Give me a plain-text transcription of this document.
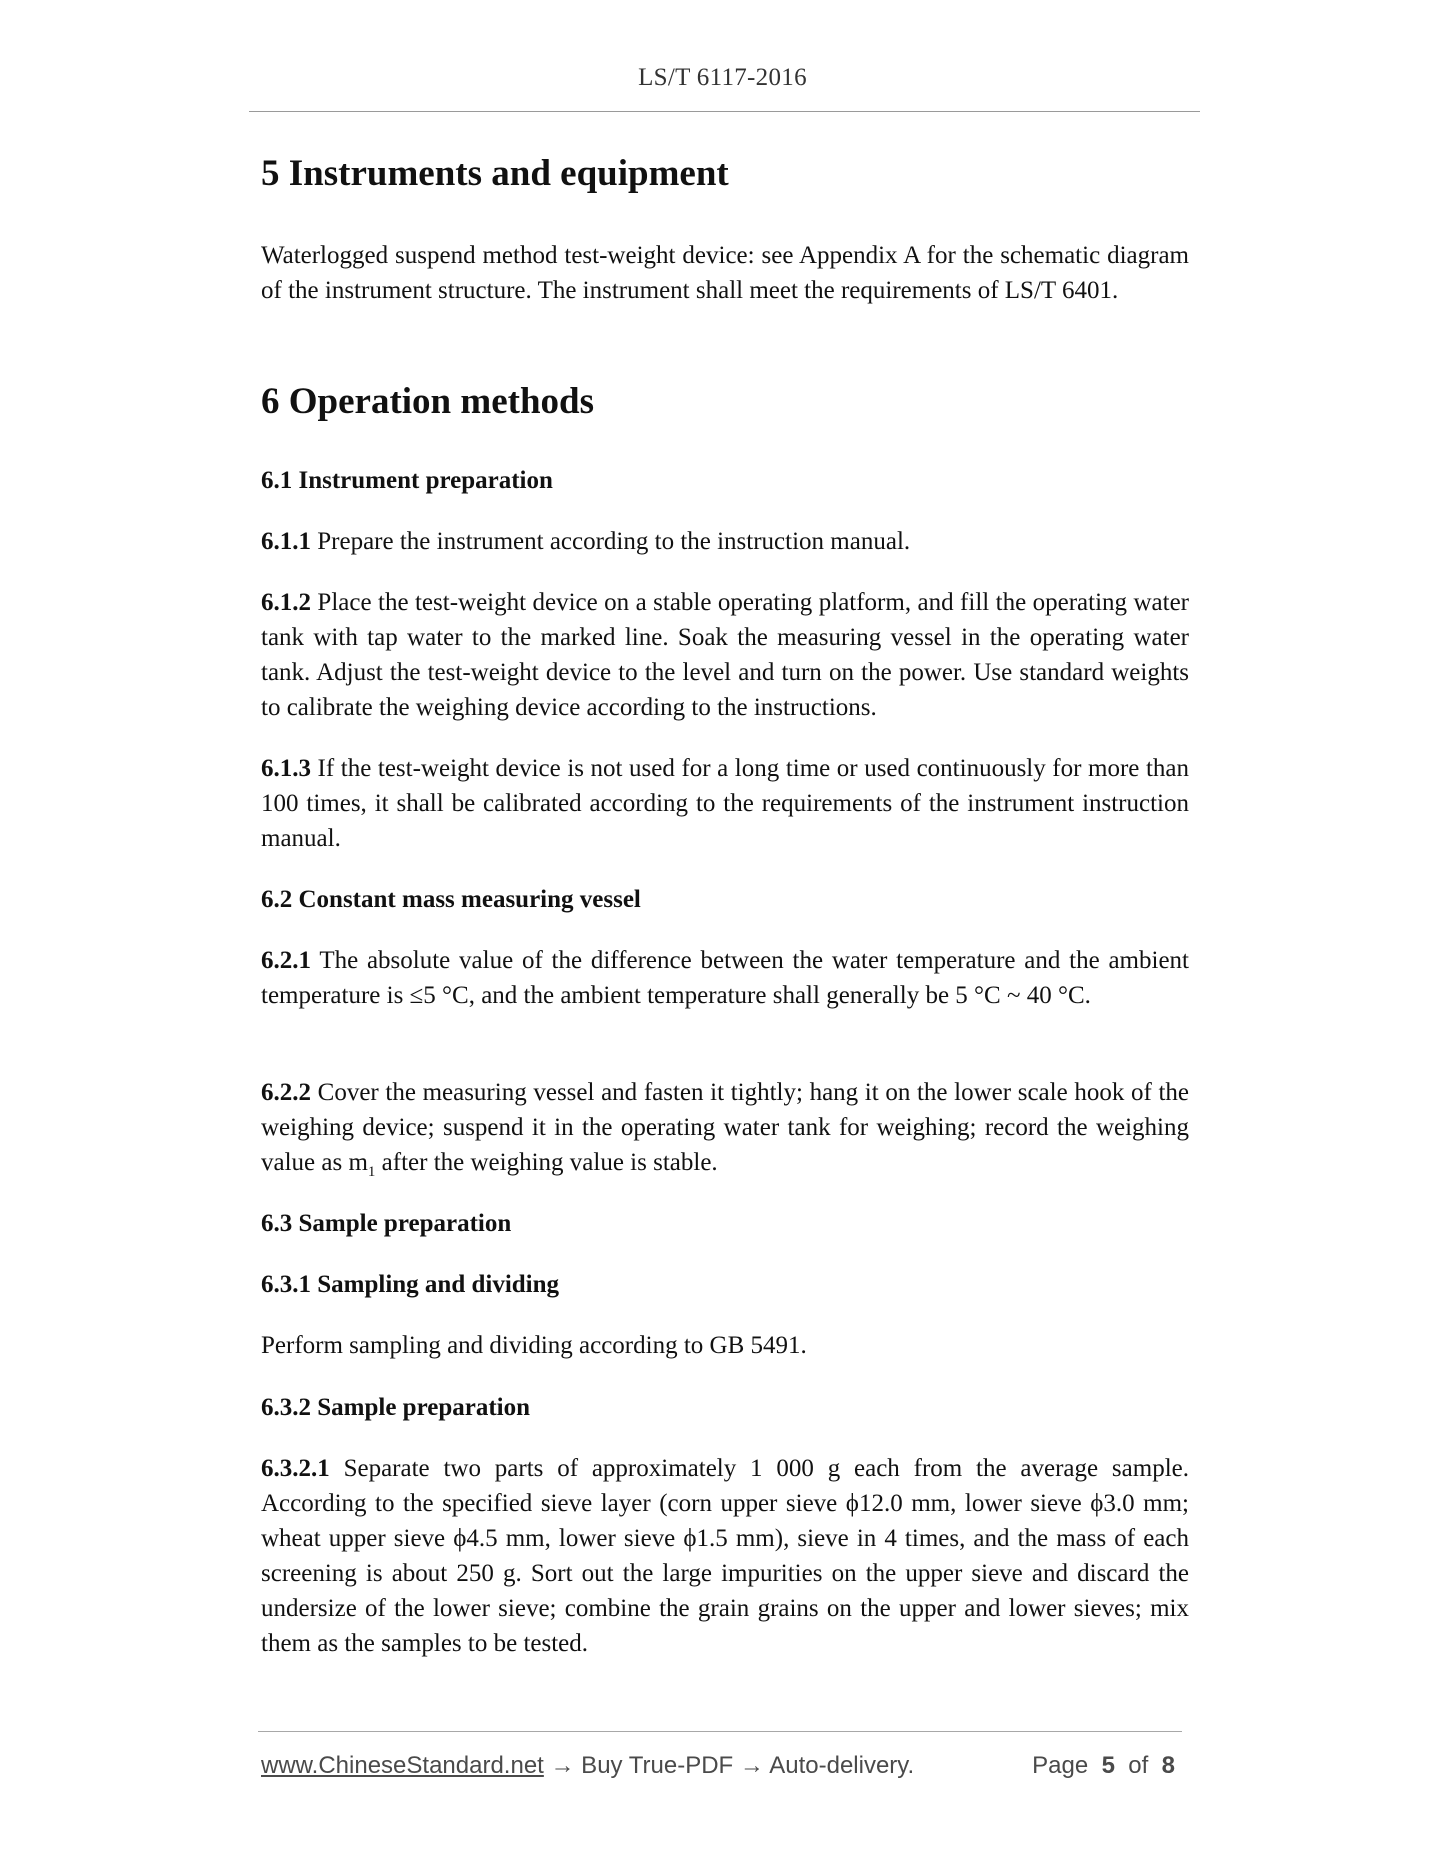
LS/T 6117-2016
5 Instruments and equipment

Waterlogged suspend method test-weight device: see Appendix A for the schematic diagram of the instrument structure. The instrument shall meet the requirements of LS/T 6401.

6 Operation methods
6.1 Instrument preparation

6.1.1 Prepare the instrument according to the instruction manual.

6.1.2 Place the test-weight device on a stable operating platform, and fill the operating water tank with tap water to the marked line. Soak the measuring vessel in the operating water tank. Adjust the test-weight device to the level and turn on the power. Use standard weights to calibrate the weighing device according to the instructions.

6.1.3 If the test-weight device is not used for a long time or used continuously for more than 100 times, it shall be calibrated according to the requirements of the instrument instruction manual.

6.2 Constant mass measuring vessel

6.2.1 The absolute value of the difference between the water temperature and the ambient temperature is ≤5 °C, and the ambient temperature shall generally be 5 °C ~ 40 °C.

6.2.2 Cover the measuring vessel and fasten it tightly; hang it on the lower scale hook of the weighing device; suspend it in the operating water tank for weighing; record the weighing value as $m_1$ after the weighing value is stable.

6.3 Sample preparation
6.3.1 Sampling and dividing

Perform sampling and dividing according to GB 5491.

6.3.2 Sample preparation

6.3.2.1 Separate two parts of approximately 1 000 g each from the average sample. According to the specified sieve layer (corn upper sieve ϕ12.0 mm, lower sieve ϕ3.0 mm; wheat upper sieve ϕ4.5 mm, lower sieve ϕ1.5 mm), sieve in 4 times, and the mass of each screening is about 250 g. Sort out the large impurities on the upper sieve and discard the undersize of the lower sieve; combine the grain grains on the upper and lower sieves; mix them as the samples to be tested.

www.ChineseStandard.net → Buy True-PDF → Auto-delivery.	Page 5 of 8
